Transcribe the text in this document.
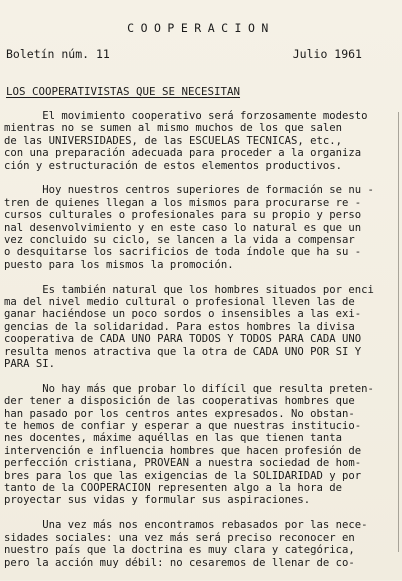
COOPERACION
Boletín núm. 11	Julio 1961
LOS COOPERATIVISTAS QUE SE NECESITAN
El movimiento cooperativo será forzosamente modesto
mientras no se sumen al mismo muchos de los que salen
de las UNIVERSIDADES, de las ESCUELAS TECNICAS, etc.,
con una preparación adecuada para proceder a la organiza
ción y estructuración de estos elementos productivos.
Hoy nuestros centros superiores de formación se nu -
tren de quienes llegan a los mismos para procurarse re -
cursos culturales o profesionales para su propio y perso
nal desenvolvimiento y en este caso lo natural es que un
vez concluido su ciclo, se lancen a la vida a compensar
o desquitarse los sacrificios de toda índole que ha su -
puesto para los mismos la promoción.
Es también natural que los hombres situados por enci
ma del nivel medio cultural o profesional lleven las de
ganar haciéndose un poco sordos o insensibles a las exi-
gencias de la solidaridad. Para estos hombres la divisa
cooperativa de CADA UNO PARA TODOS Y TODOS PARA CADA UNO
resulta menos atractiva que la otra de CADA UNO POR SI Y
PARA SI.
No hay más que probar lo difícil que resulta preten-
der tener a disposición de las cooperativas hombres que
han pasado por los centros antes expresados. No obstan-
te hemos de confiar y esperar a que nuestras institucio-
nes docentes, máxime aquéllas en las que tienen tanta
intervención e influencia hombres que hacen profesión de
perfección cristiana, PROVEAN a nuestra sociedad de hom-
bres para los que las exigencias de la SOLIDARIDAD y por
tanto de la COOPERACION representen algo a la hora de
proyectar sus vidas y formular sus aspiraciones.
Una vez más nos encontramos rebasados por las nece-
sidades sociales: una vez más será preciso reconocer en
nuestro país que la doctrina es muy clara y categórica,
pero la acción muy débil: no cesaremos de llenar de co-
